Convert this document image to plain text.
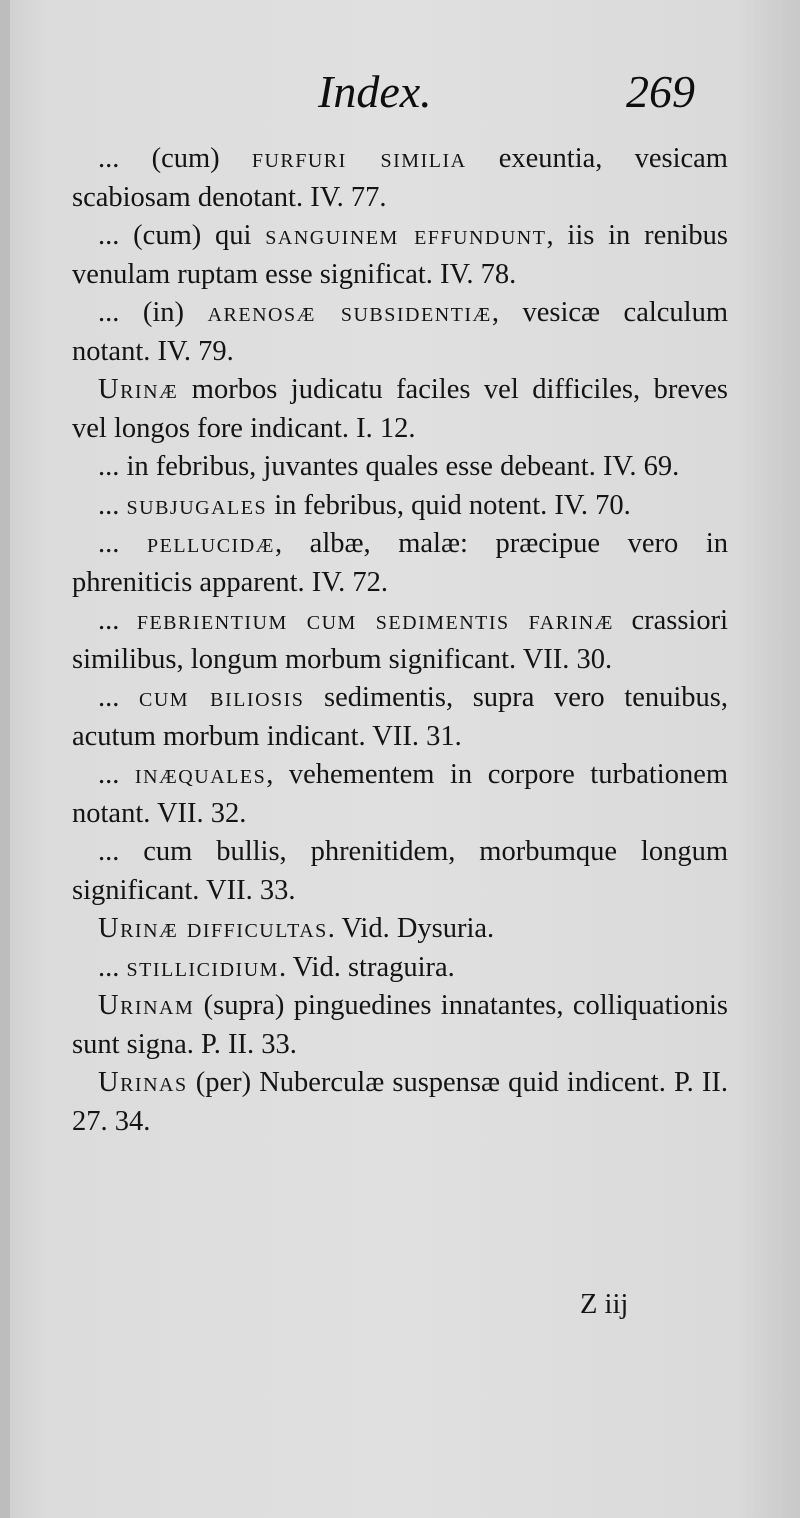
Index.	269

... (cum) furfuri similia exeuntia, vesicam scabiosam denotant. IV. 77.

... (cum) qui sanguinem effundunt, iis in renibus venulam ruptam esse significat. IV. 78.

... (in) arenosæ subsidentiæ, vesicæ calculum notant. IV. 79.

Urinæ morbos judicatu faciles vel difficiles, breves vel longos fore indicant. I. 12.

... in febribus, juvantes quales esse debeant. IV. 69.

... subjugales in febribus, quid notent. IV. 70.

... pellucidæ, albæ, malæ: præcipue vero in phreniticis apparent. IV. 72.

... febrientium cum sedimentis farinæ crassiori similibus, longum morbum significant. VII. 30.

... cum biliosis sedimentis, supra vero tenuibus, acutum morbum indicant. VII. 31.

... inæquales, vehementem in corpore turbationem notant. VII. 32.

... cum bullis, phrenitidem, morbumque longum significant. VII. 33.

Urinæ difficultas. Vid. Dysuria.

... stillicidium. Vid. straguira.

Urinam (supra) pinguedines innatantes, colliquationis sunt signa. P. II. 33.

Urinas (per) Nuberculæ suspensæ quid indicent. P. II. 27. 34.

Z iij
